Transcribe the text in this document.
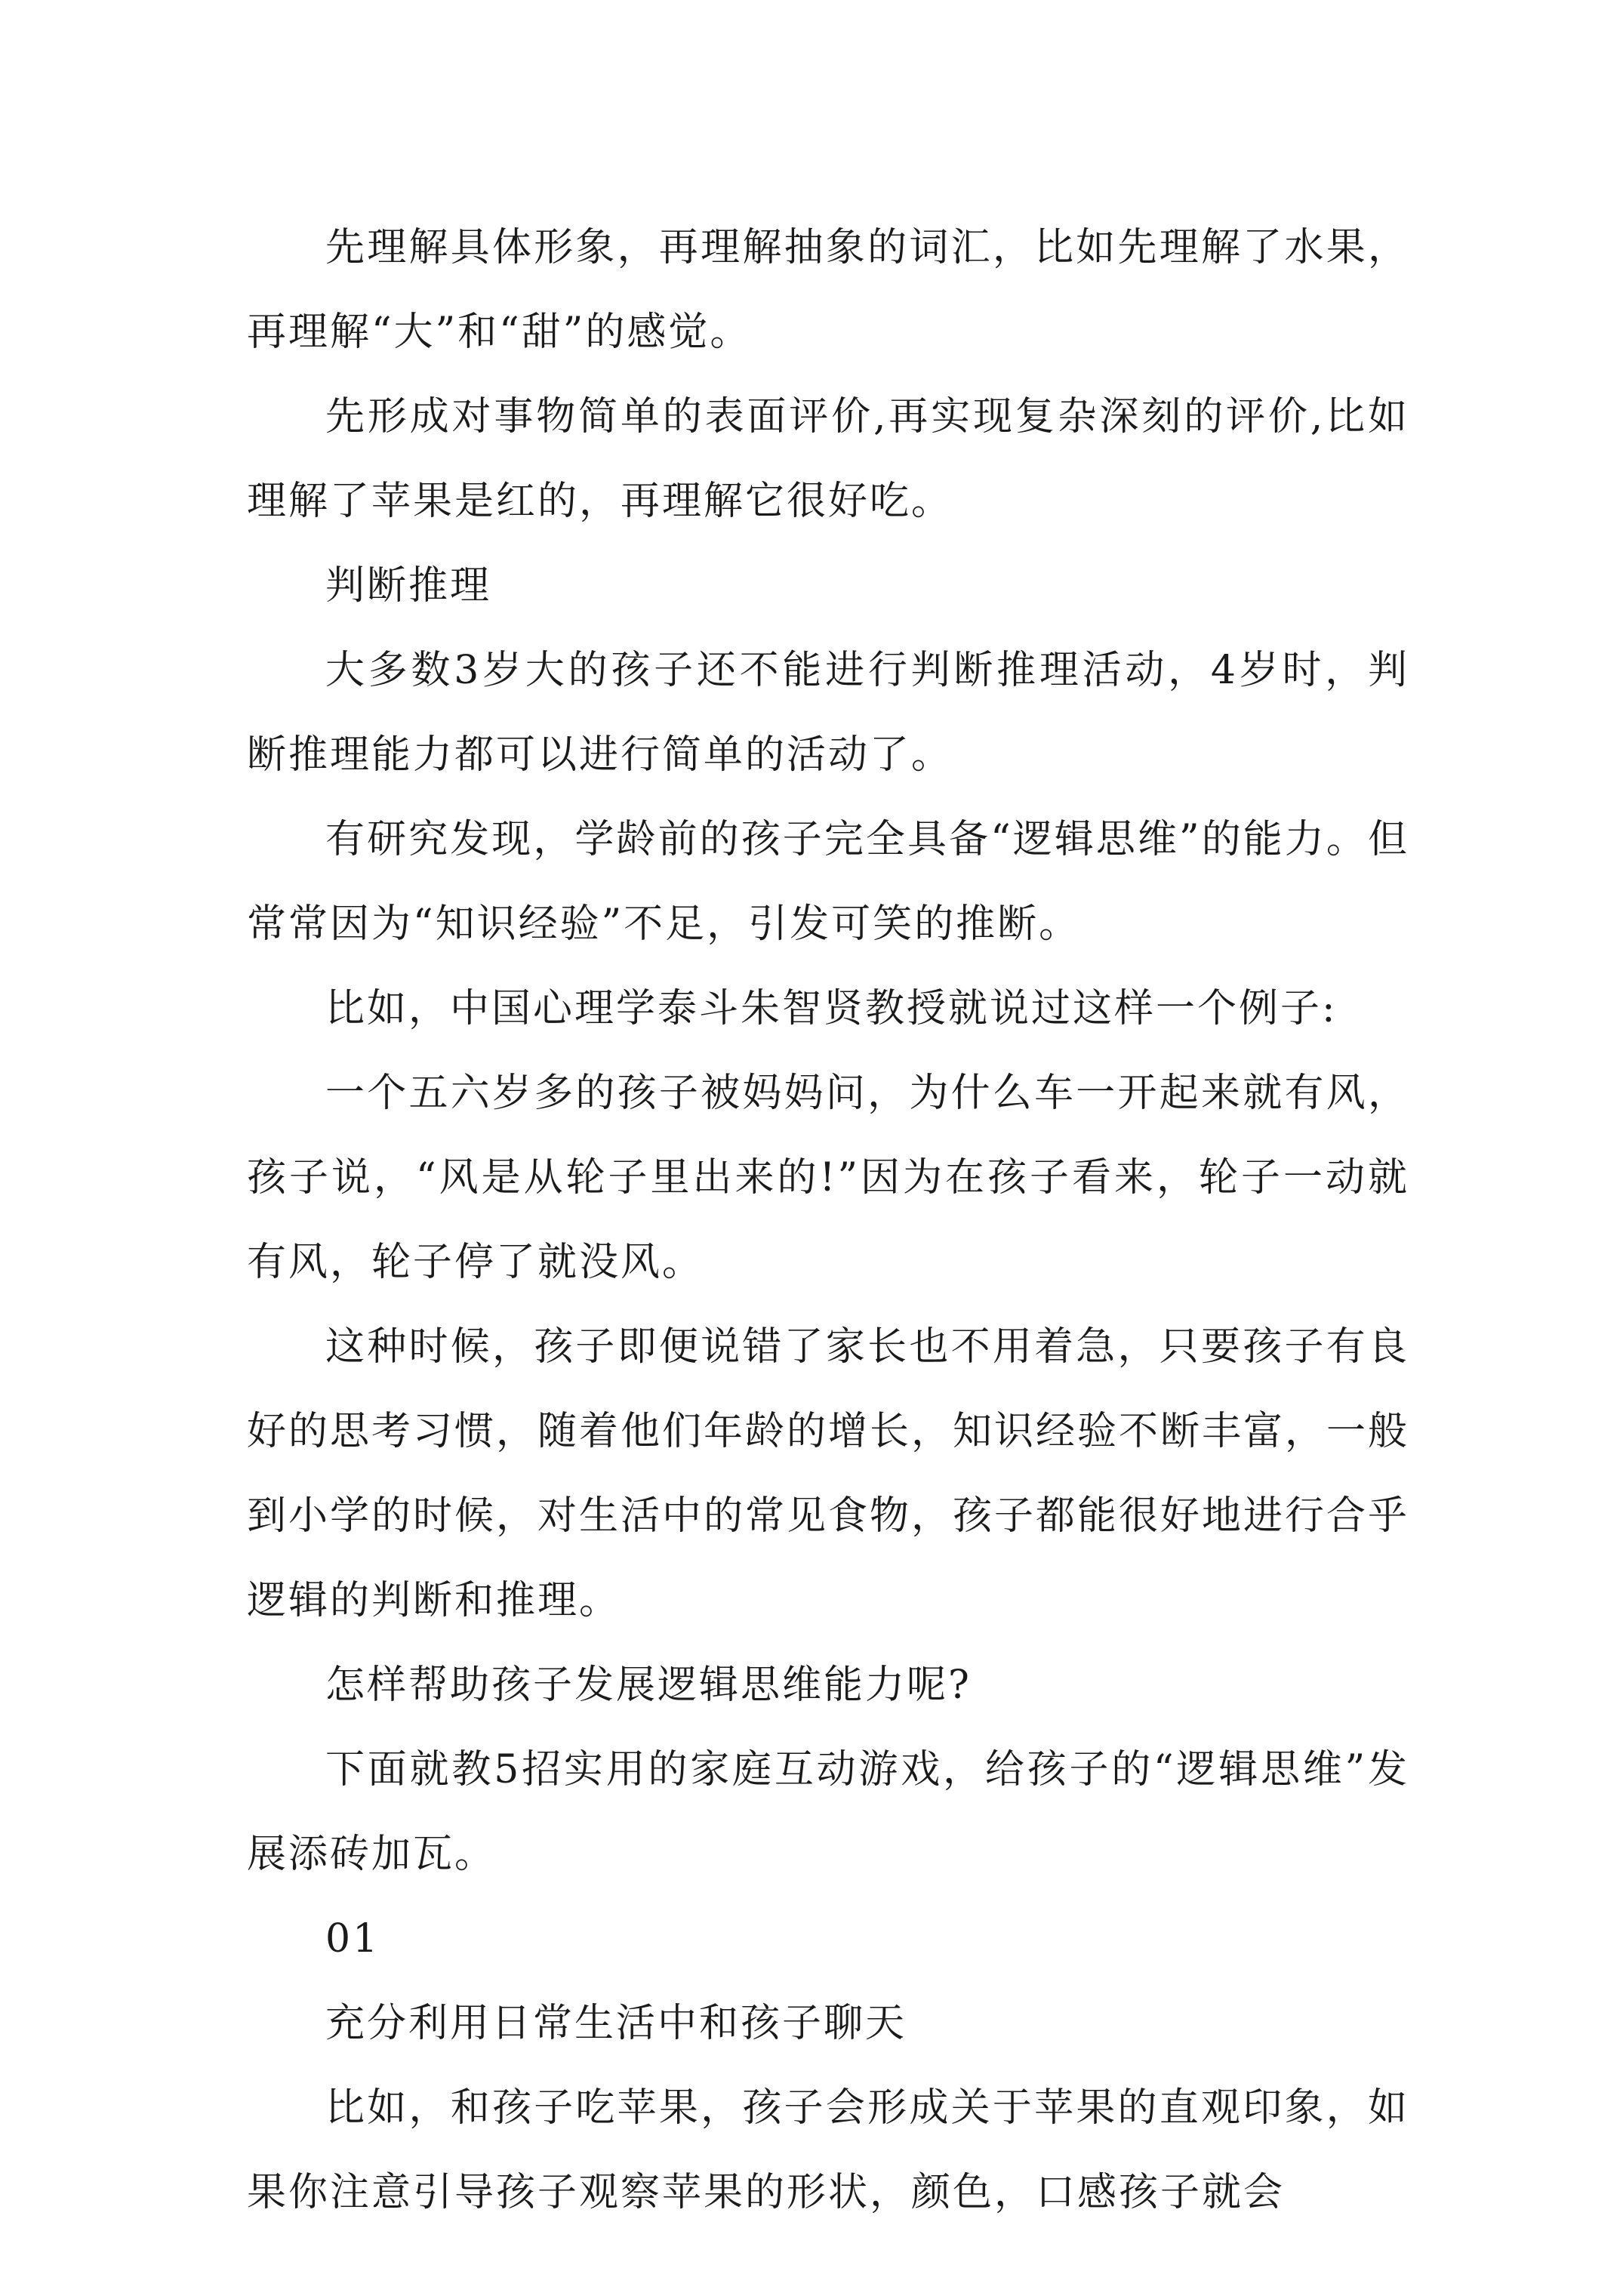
先理解具体形象，再理解抽象的词汇，比如先理解了水果，再理解“大”和“甜”的感觉。

先形成对事物简单的表面评价,再实现复杂深刻的评价,比如理解了苹果是红的，再理解它很好吃。

判断推理

大多数3岁大的孩子还不能进行判断推理活动，4岁时，判断推理能力都可以进行简单的活动了。

有研究发现，学龄前的孩子完全具备“逻辑思维”的能力。但常常因为“知识经验”不足，引发可笑的推断。

比如，中国心理学泰斗朱智贤教授就说过这样一个例子:

一个五六岁多的孩子被妈妈问，为什么车一开起来就有风，孩子说，“风是从轮子里出来的!”因为在孩子看来，轮子一动就有风，轮子停了就没风。

这种时候，孩子即便说错了家长也不用着急，只要孩子有良好的思考习惯，随着他们年龄的增长，知识经验不断丰富，一般到小学的时候，对生活中的常见食物，孩子都能很好地进行合乎逻辑的判断和推理。

怎样帮助孩子发展逻辑思维能力呢?

下面就教5招实用的家庭互动游戏，给孩子的“逻辑思维”发展添砖加瓦。

01

充分利用日常生活中和孩子聊天

比如，和孩子吃苹果，孩子会形成关于苹果的直观印象，如果你注意引导孩子观察苹果的形状，颜色，口感孩子就会
